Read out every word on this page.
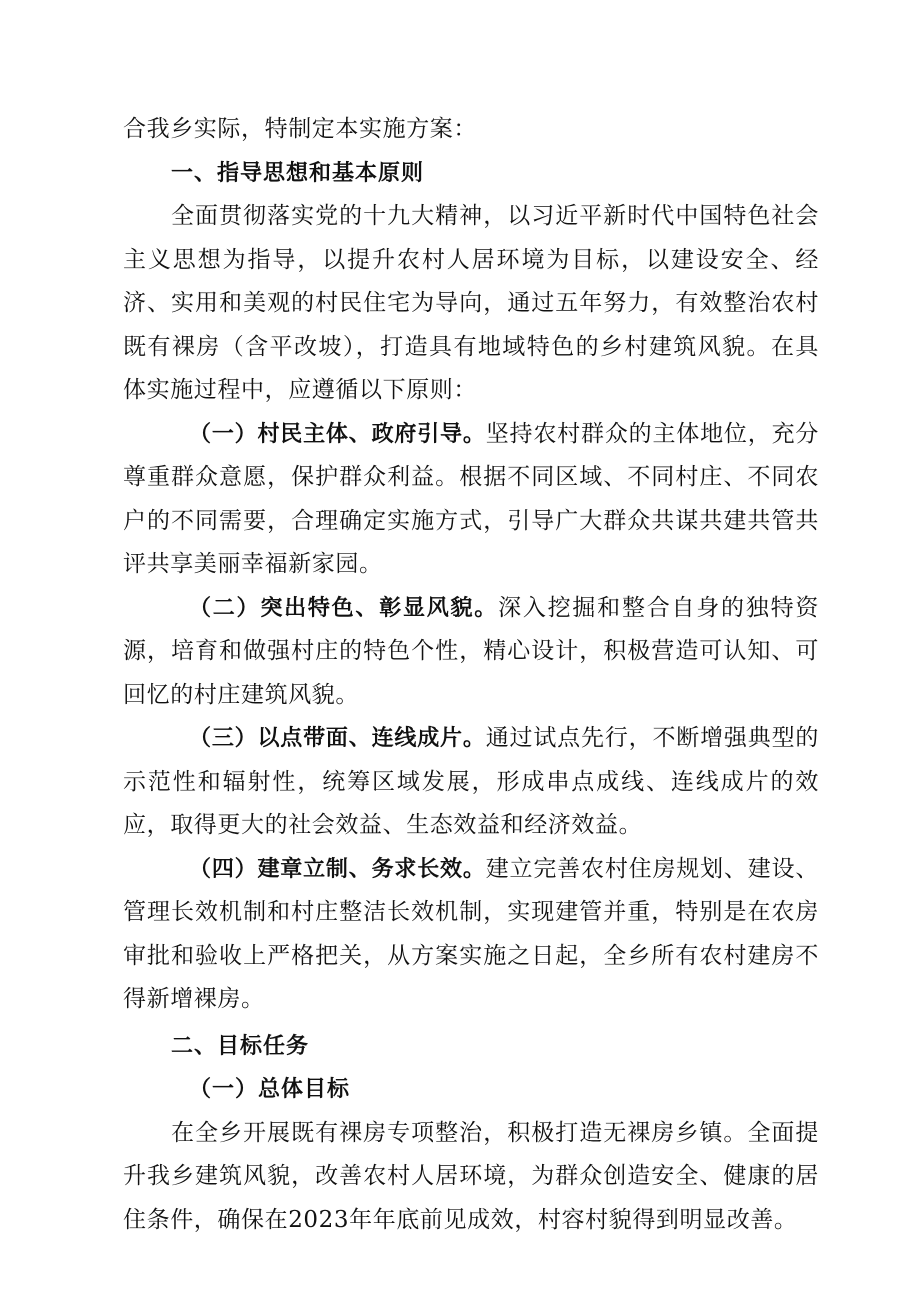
合我乡实际，特制定本实施方案：

一、指导思想和基本原则

全面贯彻落实党的十九大精神，以习近平新时代中国特色社会主义思想为指导，以提升农村人居环境为目标，以建设安全、经济、实用和美观的村民住宅为导向，通过五年努力，有效整治农村既有裸房（含平改坡），打造具有地域特色的乡村建筑风貌。在具体实施过程中，应遵循以下原则：

（一）村民主体、政府引导。坚持农村群众的主体地位，充分尊重群众意愿，保护群众利益。根据不同区域、不同村庄、不同农户的不同需要，合理确定实施方式，引导广大群众共谋共建共管共评共享美丽幸福新家园。

（二）突出特色、彰显风貌。深入挖掘和整合自身的独特资源，培育和做强村庄的特色个性，精心设计，积极营造可认知、可回忆的村庄建筑风貌。

（三）以点带面、连线成片。通过试点先行，不断增强典型的示范性和辐射性，统筹区域发展，形成串点成线、连线成片的效应，取得更大的社会效益、生态效益和经济效益。

（四）建章立制、务求长效。建立完善农村住房规划、建设、管理长效机制和村庄整洁长效机制，实现建管并重，特别是在农房审批和验收上严格把关，从方案实施之日起，全乡所有农村建房不得新增裸房。

二、目标任务

（一）总体目标

在全乡开展既有裸房专项整治，积极打造无裸房乡镇。全面提升我乡建筑风貌，改善农村人居环境，为群众创造安全、健康的居住条件，确保在2023年年底前见成效，村容村貌得到明显改善。
